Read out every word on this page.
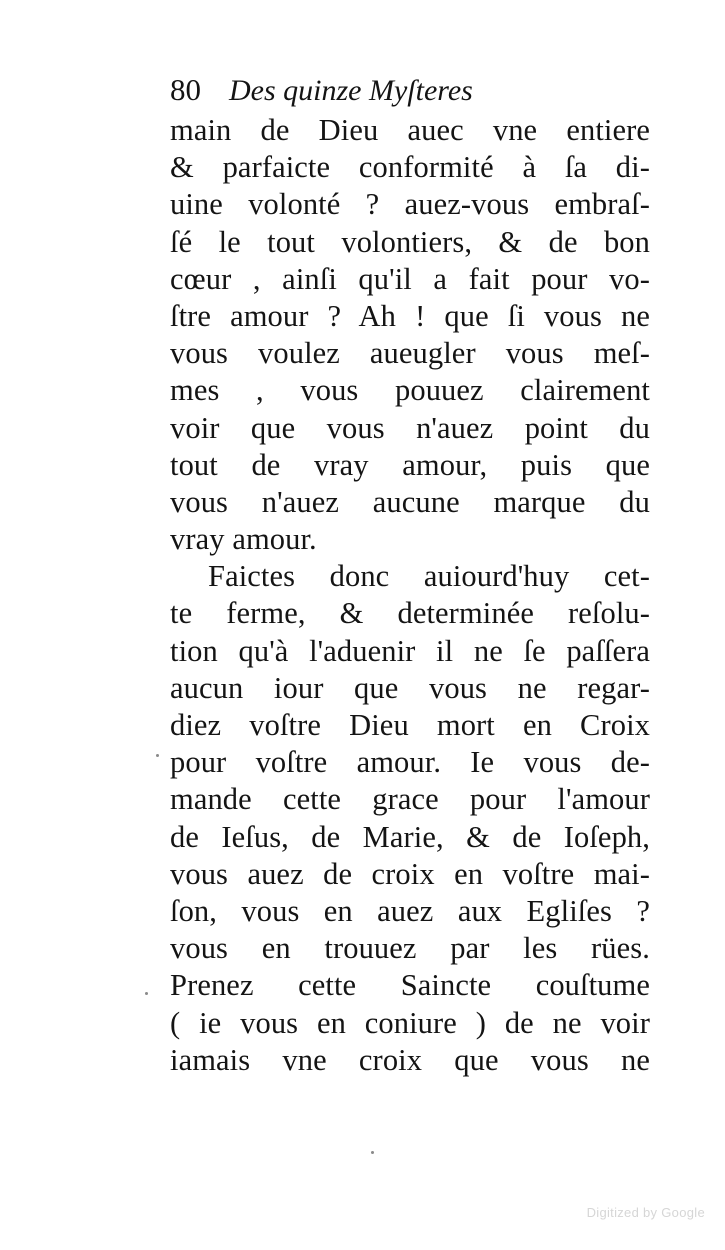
80 Des quinze Myſteres
main de Dieu auec vne entiere
& parfaicte conformité à ſa di-
uine volonté ? auez-vous embraſ-
ſé le tout volontiers, & de bon
cœur , ainſi qu'il a fait pour vo-
ſtre amour ? Ah ! que ſi vous ne
vous voulez aueugler vous meſ-
mes , vous pouuez clairement
voir que vous n'auez point du
tout de vray amour, puis que
vous n'auez aucune marque du
vray amour.
Faictes donc auiourd'huy cet-
te ferme, & determinée reſolu-
tion qu'à l'aduenir il ne ſe paſſera
aucun iour que vous ne regar-
diez voſtre Dieu mort en Croix
pour voſtre amour. Ie vous de-
mande cette grace pour l'amour
de Ieſus, de Marie, & de Ioſeph,
vous auez de croix en voſtre mai-
ſon, vous en auez aux Egliſes ?
vous en trouuez par les rües.
Prenez cette Saincte couſtume
( ie vous en coniure ) de ne voir
iamais vne croix que vous ne
Digitized by Google
